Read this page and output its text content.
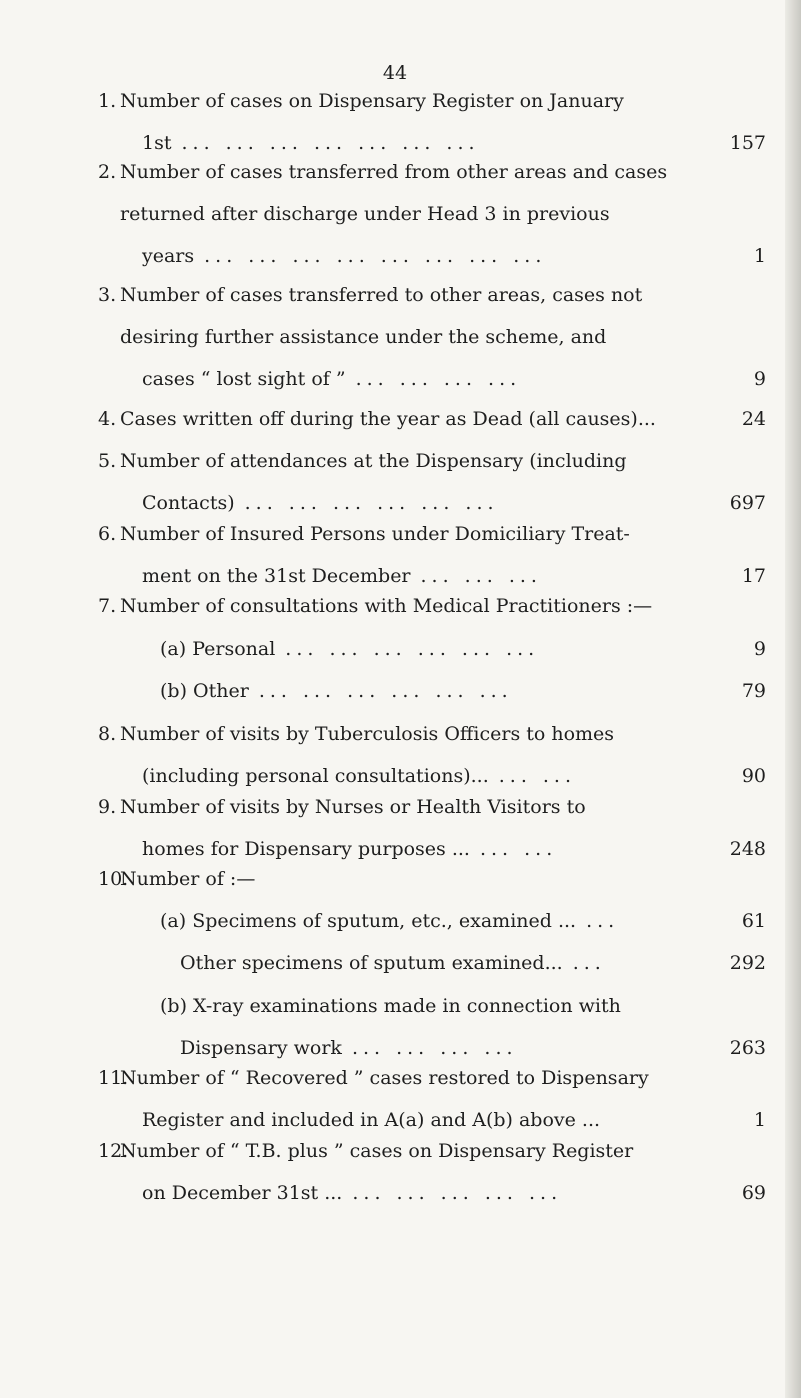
44
1. Number of cases on Dispensary Register on January
1st ... ... ... ... ... ... ...	157
2. Number of cases transferred from other areas and cases
returned after discharge under Head 3 in previous
years ... ... ... ... ... ... ... ...	1
3. Number of cases transferred to other areas, cases not
desiring further assistance under the scheme, and
cases “ lost sight of ” ... ... ... ...	9
4. Cases written off during the year as Dead (all causes)...	24
5. Number of attendances at the Dispensary (including
Contacts) ... ... ... ... ... ...	697
6. Number of Insured Persons under Domiciliary Treat-
ment on the 31st December ... ... ...	17
7. Number of consultations with Medical Practitioners :—
(a) Personal ... ... ... ... ... ...	9
(b) Other ... ... ... ... ... ...	79
8. Number of visits by Tuberculosis Officers to homes
(including personal consultations)... ... ...	90
9. Number of visits by Nurses or Health Visitors to
homes for Dispensary purposes ... ... ...	248
10.
Number of :—
(a) Specimens of sputum, etc., examined ... ...	61
Other specimens of sputum examined... ...	292
(b) X-ray examinations made in connection with
Dispensary work ... ... ... ...	263
11.
Number of “ Recovered ” cases restored to Dispensary
Register and included in A(a) and A(b) above ...	1
12.
Number of “ T.B. plus ” cases on Dispensary Register
on December 31st ... ... ... ... ... ...	69
